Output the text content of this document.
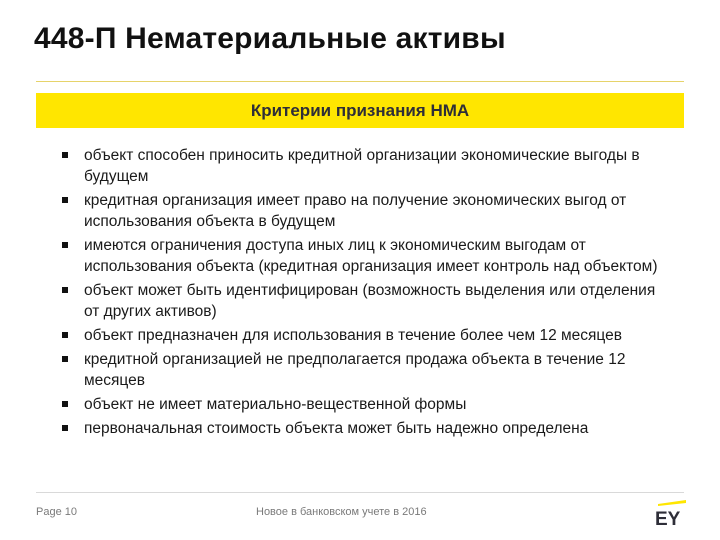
448-П Нематериальные активы
Критерии признания НМА
объект способен приносить кредитной организации экономические выгоды в будущем
кредитная организация имеет право на получение экономических выгод от использования объекта в будущем
имеются ограничения доступа иных лиц к экономическим выгодам от использования объекта (кредитная организация имеет контроль над объектом)
объект может быть идентифицирован (возможность выделения или отделения от других активов)
объект предназначен для использования в течение более чем 12 месяцев
кредитной организацией не предполагается продажа объекта в течение 12 месяцев
объект не имеет материально-вещественной формы
первоначальная стоимость объекта может быть надежно определена
Page 10	Новое в банковском учете в 2016	EY
